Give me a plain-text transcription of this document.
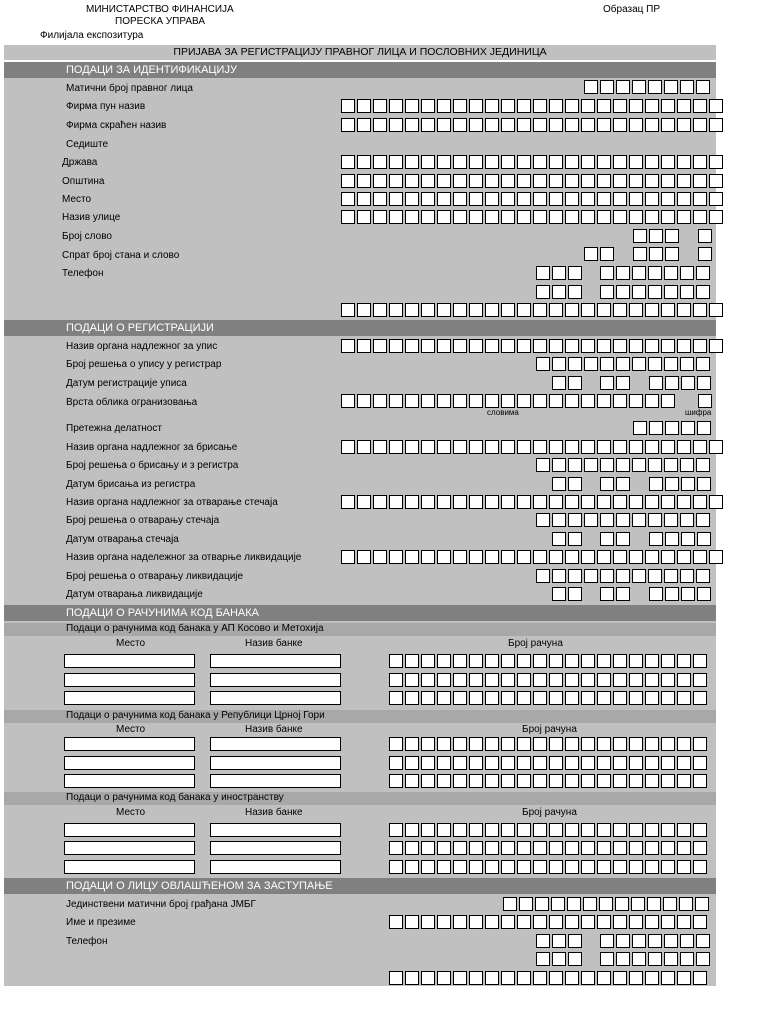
МИНИСТАРСТВО ФИНАНСИЈА
ПОРЕСКА УПРАВА
Филијала експозитура
Образац ПР
ПРИЈАВА ЗА РЕГИСТРАЦИЈУ ПРАВНОГ ЛИЦА И ПОСЛОВНИХ ЈЕДИНИЦА
ПОДАЦИ ЗА ИДЕНТИФИКАЦИЈУ
Матични број правног лица
Фирма пун назив
Фирма скраћен назив
Седиште
Држава
Општина
Место
Назив улице
Број слово
Спрат број стана и слово
Телефон
ПОДАЦИ О РЕГИСТРАЦИЈИ
Назив органа надлежног за упис
Број решења о упису у регистрар
Датум регистрације уписа
Врста облика огранизовања
словима	шифра
Претежна делатност
Назив органа надлежног за брисање
Број решења о брисању и з регистра
Датум брисања из регистра
Назив органа надлежног за отварање стечаја
Број решења о отварању стечаја
Датум отварања стечаја
Назив органа надележног за отварње ликвидације
Број решења о отварању ликвидације
Датум отварања ликвидације
ПОДАЦИ О РАЧУНИМА КОД БАНАКА
Подаци о рачунима код банака у АП Косово и Метохија
Место	Назив банке	Број рачуна
Подаци о рачунима код банака у Републици Црној Гори
Место	Назив банке	Број рачуна
Подаци о рачунима код банака у иностранству
Место	Назив банке	Број рачуна
ПОДАЦИ О ЛИЦУ ОВЛАШЋЕНОМ ЗА ЗАСТУПАЊЕ
Јединствени матични број грађана ЈМБГ
Име и презиме
Телефон
